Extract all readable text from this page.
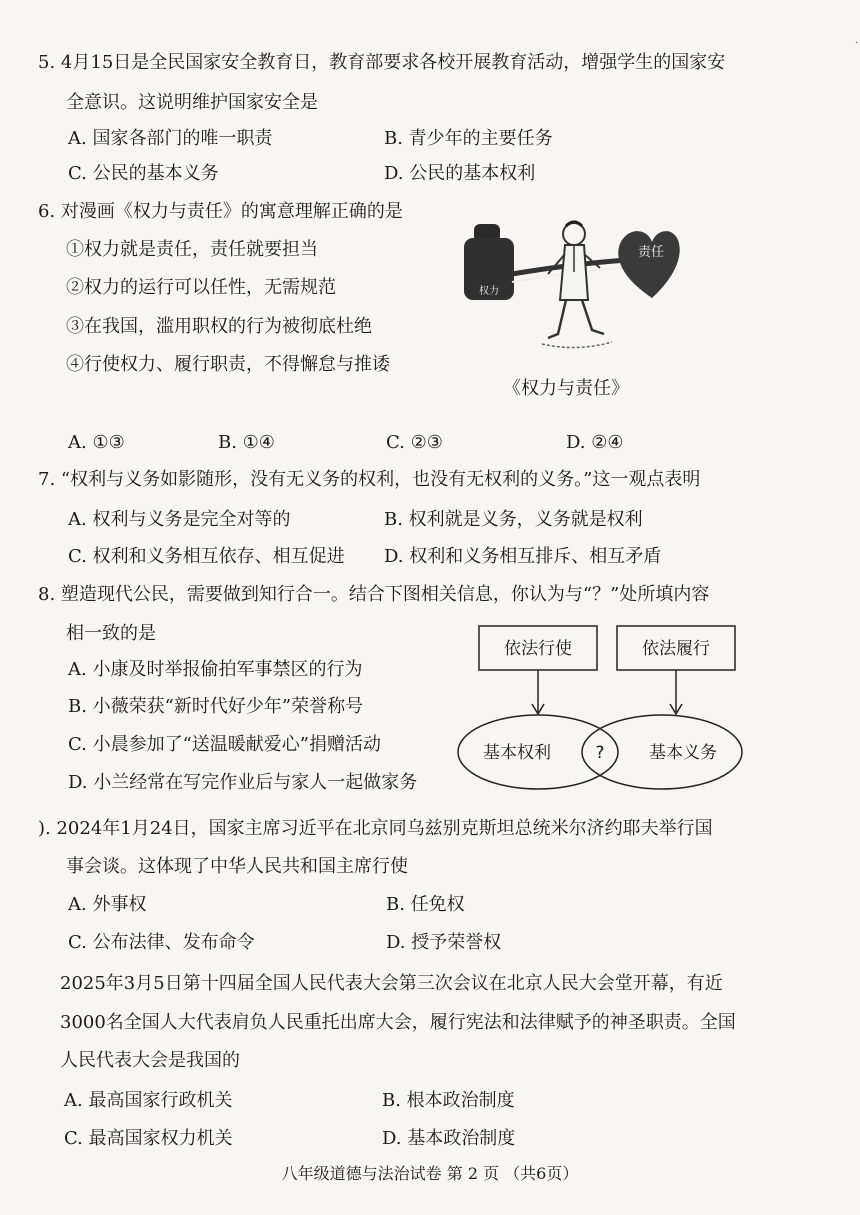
·
5. 4月15日是全民国家安全教育日，教育部要求各校开展教育活动，增强学生的国家安
全意识。这说明维护国家安全是
A. 国家各部门的唯一职责	B. 青少年的主要任务
C. 公民的基本义务	D. 公民的基本权利
6. 对漫画《权力与责任》的寓意理解正确的是
①权力就是责任，责任就要担当
②权力的运行可以任性，无需规范
③在我国，滥用职权的行为被彻底杜绝
④行使权力、履行职责，不得懈怠与推诿
权力
责任
《权力与责任》
A. ①③	B. ①④	C. ②③	D. ②④
7. “权利与义务如影随形，没有无义务的权利，也没有无权利的义务。”这一观点表明
A. 权利与义务是完全对等的	B. 权利就是义务，义务就是权利
C. 权利和义务相互依存、相互促进 D. 权利和义务相互排斥、相互矛盾
8. 塑造现代公民，需要做到知行合一。结合下图相关信息，你认为与“？”处所填内容
相一致的是
A. 小康及时举报偷拍军事禁区的行为
B. 小薇荣获“新时代好少年”荣誉称号
C. 小晨参加了“送温暖献爱心”捐赠活动
D. 小兰经常在写完作业后与家人一起做家务
依法行使	依法履行
基本权利	基本义务
?
). 2024年1月24日，国家主席习近平在北京同乌兹别克斯坦总统米尔济约耶夫举行国
事会谈。这体现了中华人民共和国主席行使
A. 外事权	B. 任免权
C. 公布法律、发布命令	D. 授予荣誉权
2025年3月5日第十四届全国人民代表大会第三次会议在北京人民大会堂开幕，有近
3000名全国人大代表肩负人民重托出席大会，履行宪法和法律赋予的神圣职责。全国
人民代表大会是我国的
A. 最高国家行政机关	B. 根本政治制度
C. 最高国家权力机关	D. 基本政治制度
八年级道德与法治试卷 第 2 页 （共6页）
